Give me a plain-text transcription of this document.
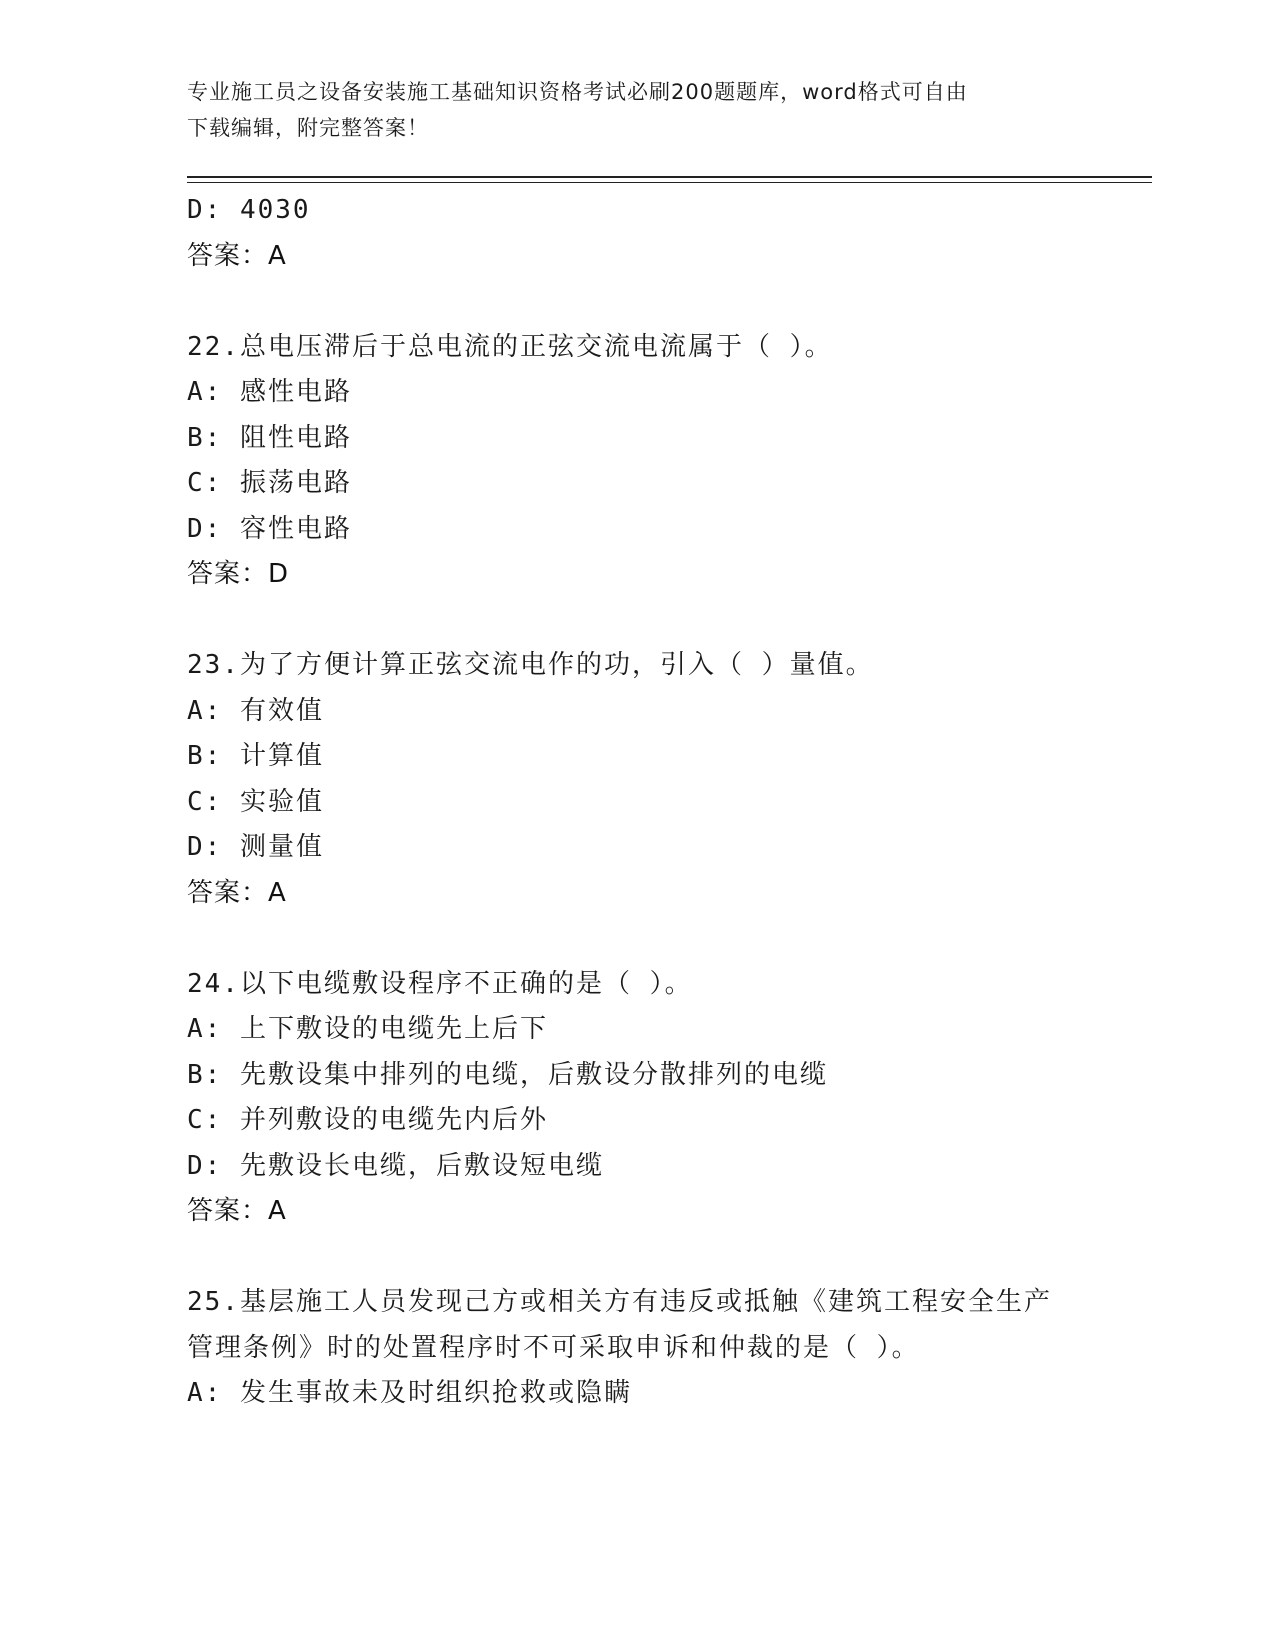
专业施工员之设备安装施工基础知识资格考试必刷200题题库，word格式可自由
下载编辑，附完整答案！
D: 4030
答案：A
22.总电压滞后于总电流的正弦交流电流属于（ ）。
A: 感性电路
B: 阻性电路
C: 振荡电路
D: 容性电路
答案：D
23.为了方便计算正弦交流电作的功，引入（ ）量值。
A: 有效值
B: 计算值
C: 实验值
D: 测量值
答案：A
24.以下电缆敷设程序不正确的是（ ）。
A: 上下敷设的电缆先上后下
B: 先敷设集中排列的电缆，后敷设分散排列的电缆
C: 并列敷设的电缆先内后外
D: 先敷设长电缆，后敷设短电缆
答案：A
25.基层施工人员发现己方或相关方有违反或抵触《建筑工程安全生产
管理条例》时的处置程序时不可采取申诉和仲裁的是（ ）。
A: 发生事故未及时组织抢救或隐瞒
